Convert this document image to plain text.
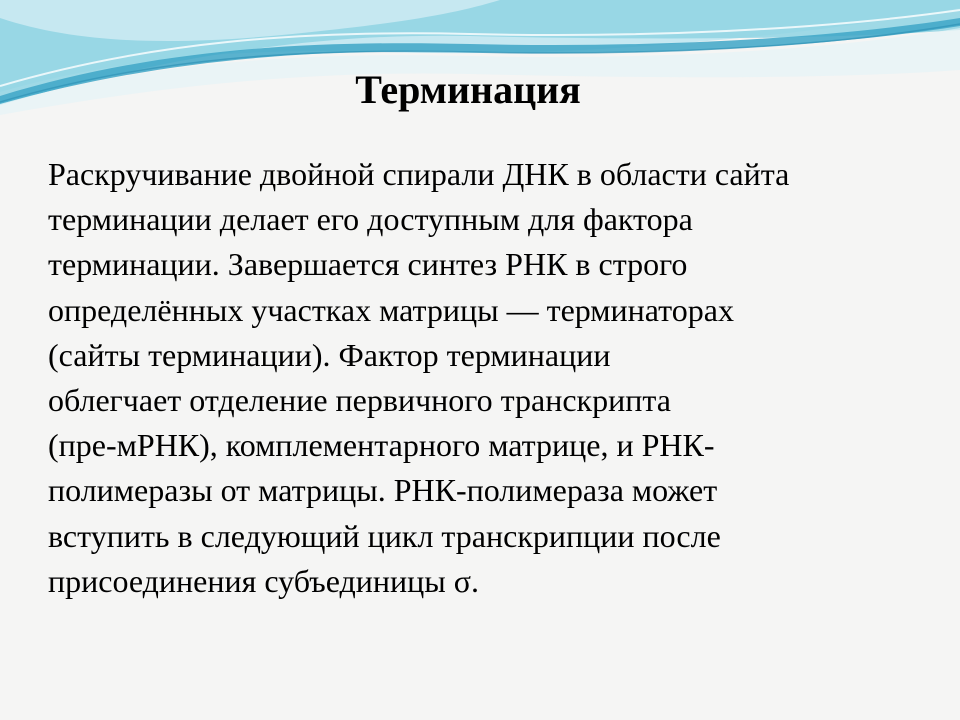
Терминация

Раскручивание двойной спирали ДНК в области сайта
терминации делает его доступным для фактора
терминации. Завершается синтез РНК в строго
определённых участках матрицы — терминаторах
(сайты терминации). Фактор терминации
облегчает отделение первичного транскрипта
(пре-мРНК), комплементарного матрице, и РНК-
полимеразы от матрицы. РНК-полимераза может
вступить в следующий цикл транскрипции после
присоединения субъединицы σ.
